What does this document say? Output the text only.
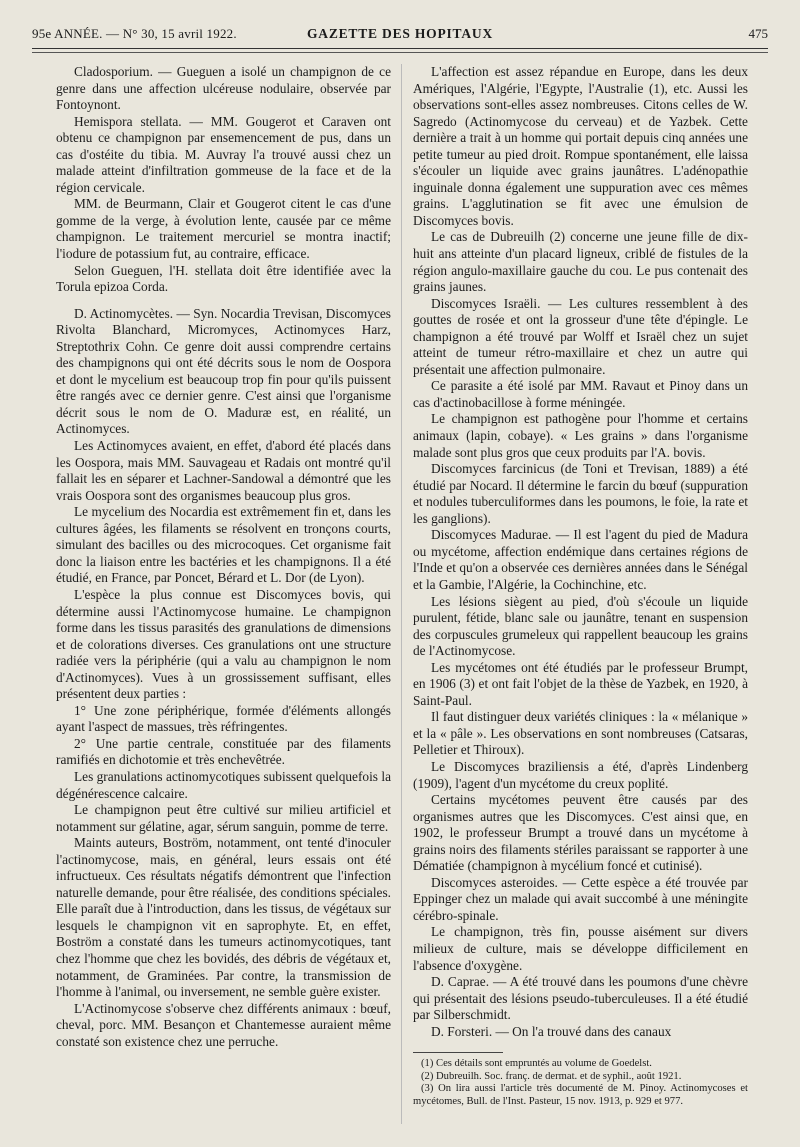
95e ANNÉE. — N° 30, 15 avril 1922.	GAZETTE DES HOPITAUX	475

Cladosporium. — Gueguen a isolé un champignon de ce genre dans une affection ulcéreuse nodulaire, observée par Fontoynont.

Hemispora stellata. — MM. Gougerot et Caraven ont obtenu ce champignon par ensemencement de pus, dans un cas d'ostéite du tibia. M. Auvray l'a trouvé aussi chez un malade atteint d'infiltration gommeuse de la face et de la région cervicale.

MM. de Beurmann, Clair et Gougerot citent le cas d'une gomme de la verge, à évolution lente, causée par ce même champignon. Le traitement mercuriel se montra inactif; l'iodure de potassium fut, au contraire, efficace.

Selon Gueguen, l'H. stellata doit être identifiée avec la Torula epizoa Corda.

D. Actinomycètes. — Syn. Nocardia Trevisan, Discomyces Rivolta Blanchard, Micromyces, Actinomyces Harz, Streptothrix Cohn. Ce genre doit aussi comprendre certains des champignons qui ont été décrits sous le nom de Oospora et dont le mycelium est beaucoup trop fin pour qu'ils puissent être rangés avec ce dernier genre. C'est ainsi que l'organisme décrit sous le nom de O. Maduræ est, en réalité, un Actinomyces.

Les Actinomyces avaient, en effet, d'abord été placés dans les Oospora, mais MM. Sauvageau et Radais ont montré qu'il fallait les en séparer et Lachner-Sandowal a démontré que les vrais Oospora sont des organismes beaucoup plus gros.

Le mycelium des Nocardia est extrêmement fin et, dans les cultures âgées, les filaments se résolvent en tronçons courts, simulant des bacilles ou des microcoques. Cet organisme fait donc la liaison entre les bactéries et les champignons. Il a été étudié, en France, par Poncet, Bérard et L. Dor (de Lyon).

L'espèce la plus connue est Discomyces bovis, qui détermine aussi l'Actinomycose humaine. Le champignon forme dans les tissus parasités des granulations de dimensions et de colorations diverses. Ces granulations ont une structure radiée vers la périphérie (qui a valu au champignon le nom d'Actinomyces). Vues à un grossissement suffisant, elles présentent deux parties :

1° Une zone périphérique, formée d'éléments allongés ayant l'aspect de massues, très réfringentes.

2° Une partie centrale, constituée par des filaments ramifiés en dichotomie et très enchevêtrée.

Les granulations actinomycotiques subissent quelquefois la dégénérescence calcaire.

Le champignon peut être cultivé sur milieu artificiel et notamment sur gélatine, agar, sérum sanguin, pomme de terre.

Maints auteurs, Boström, notamment, ont tenté d'inoculer l'actinomycose, mais, en général, leurs essais ont été infructueux. Ces résultats négatifs démontrent que l'infection naturelle demande, pour être réalisée, des conditions spéciales. Elle paraît due à l'introduction, dans les tissus, de végétaux sur lesquels le champignon vit en saprophyte. Et, en effet, Boström a constaté dans les tumeurs actinomycotiques, tant chez l'homme que chez les bovidés, des débris de végétaux et, notamment, de Graminées. Par contre, la transmission de l'homme à l'animal, ou inversement, ne semble guère exister.

L'Actinomycose s'observe chez différents animaux : bœuf, cheval, porc. MM. Besançon et Chantemesse auraient même constaté son existence chez une perruche.

L'affection est assez répandue en Europe, dans les deux Amériques, l'Algérie, l'Egypte, l'Australie (1), etc. Aussi les observations sont-elles assez nombreuses. Citons celles de W. Sagredo (Actinomycose du cerveau) et de Yazbek. Cette dernière a trait à un homme qui portait depuis cinq années une petite tumeur au pied droit. Rompue spontanément, elle laissa s'écouler un liquide avec grains jaunâtres. L'adénopathie inguinale donna également une suppuration avec ces mêmes grains. L'agglutination se fit avec une émulsion de Discomyces bovis.

Le cas de Dubreuilh (2) concerne une jeune fille de dix-huit ans atteinte d'un placard ligneux, criblé de fistules de la région angulo-maxillaire gauche du cou. Le pus contenait des grains jaunes.

Discomyces Israëli. — Les cultures ressemblent à des gouttes de rosée et ont la grosseur d'une tête d'épingle. Le champignon a été trouvé par Wolff et Israël chez un sujet atteint de tumeur rétro-maxillaire et chez un autre qui présentait une affection pulmonaire.

Ce parasite a été isolé par MM. Ravaut et Pinoy dans un cas d'actinobacillose à forme méningée.

Le champignon est pathogène pour l'homme et certains animaux (lapin, cobaye). « Les grains » dans l'organisme malade sont plus gros que ceux produits par l'A. bovis.

Discomyces farcinicus (de Toni et Trevisan, 1889) a été étudié par Nocard. Il détermine le farcin du bœuf (suppuration et nodules tuberculiformes dans les poumons, le foie, la rate et les ganglions).

Discomyces Madurae. — Il est l'agent du pied de Madura ou mycétome, affection endémique dans certaines régions de l'Inde et qu'on a observée ces dernières années dans le Sénégal et la Gambie, l'Algérie, la Cochinchine, etc.

Les lésions siègent au pied, d'où s'écoule un liquide purulent, fétide, blanc sale ou jaunâtre, tenant en suspension des corpuscules grumeleux qui rappellent beaucoup les grains de l'Actinomycose.

Les mycétomes ont été étudiés par le professeur Brumpt, en 1906 (3) et ont fait l'objet de la thèse de Yazbek, en 1920, à Saint-Paul.

Il faut distinguer deux variétés cliniques : la « mélanique » et la « pâle ». Les observations en sont nombreuses (Catsaras, Pelletier et Thiroux).

Le Discomyces braziliensis a été, d'après Lindenberg (1909), l'agent d'un mycétome du creux poplité.

Certains mycétomes peuvent être causés par des organismes autres que les Discomyces. C'est ainsi que, en 1902, le professeur Brumpt a trouvé dans un mycétome à grains noirs des filaments stériles paraissant se rapporter à une Dématiée (champignon à mycélium foncé et cutinisé).

Discomyces asteroides. — Cette espèce a été trouvée par Eppinger chez un malade qui avait succombé à une méningite cérébro-spinale.

Le champignon, très fin, pousse aisément sur divers milieux de culture, mais se développe difficilement en l'absence d'oxygène.

D. Caprae. — A été trouvé dans les poumons d'une chèvre qui présentait des lésions pseudo-tuberculeuses. Il a été étudié par Silberschmidt.

D. Forsteri. — On l'a trouvé dans des canaux

(1) Ces détails sont empruntés au volume de Goedelst.

(2) Dubreuilh. Soc. franç. de dermat. et de syphil., août 1921.

(3) On lira aussi l'article très documenté de M. Pinoy. Actinomycoses et mycétomes, Bull. de l'Inst. Pasteur, 15 nov. 1913, p. 929 et 977.
